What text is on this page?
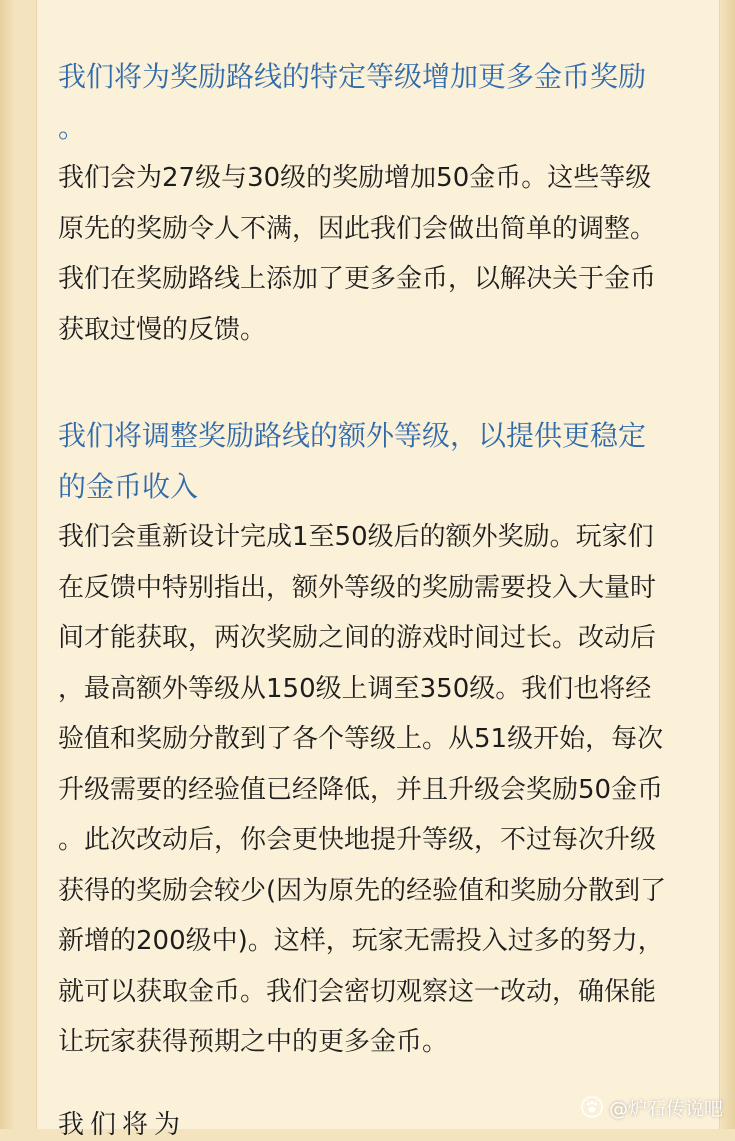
我们将为奖励路线的特定等级增加更多金币奖励
。
我们会为27级与30级的奖励增加50金币。这些等级
原先的奖励令人不满，因此我们会做出简单的调整。
我们在奖励路线上添加了更多金币，以解决关于金币
获取过慢的反馈。
我们将调整奖励路线的额外等级，以提供更稳定
的金币收入
我们会重新设计完成1至50级后的额外奖励。玩家们
在反馈中特别指出，额外等级的奖励需要投入大量时
间才能获取，两次奖励之间的游戏时间过长。改动后
，最高额外等级从150级上调至350级。我们也将经
验值和奖励分散到了各个等级上。从51级开始，每次
升级需要的经验值已经降低，并且升级会奖励50金币
。此次改动后，你会更快地提升等级，不过每次升级
获得的奖励会较少(因为原先的经验值和奖励分散到了
新增的200级中)。这样，玩家无需投入过多的努力，
就可以获取金币。我们会密切观察这一改动，确保能
让玩家获得预期之中的更多金币。
我们将为
@炉石传说吧
